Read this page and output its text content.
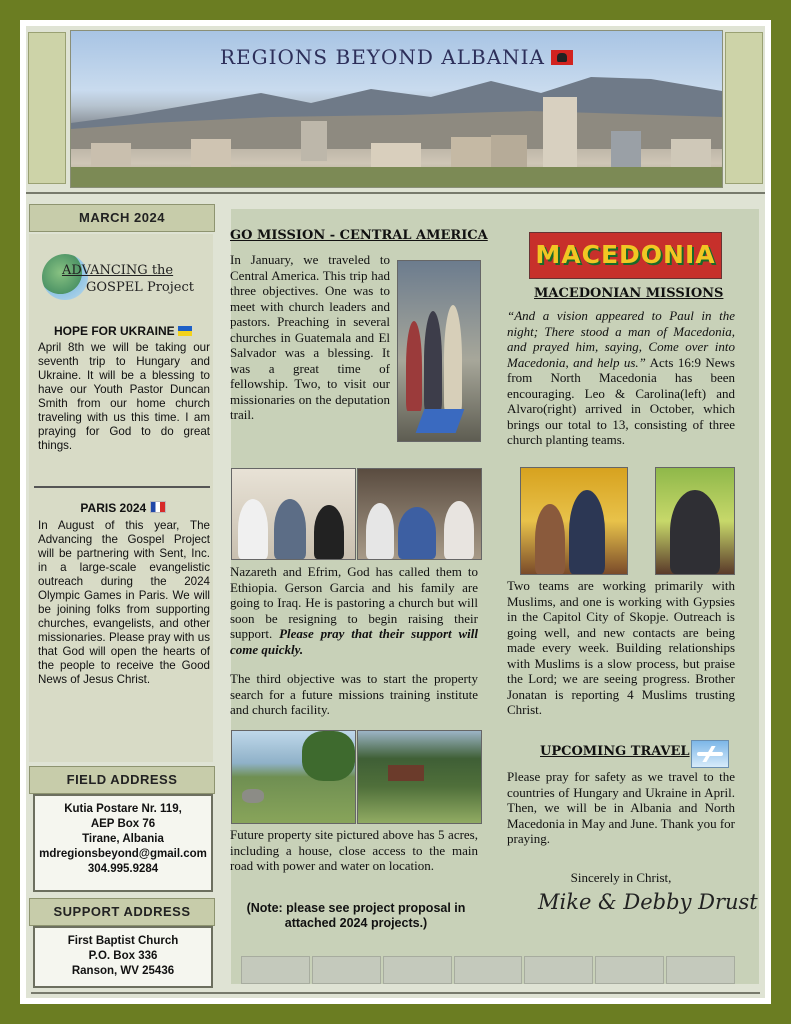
REGIONS BEYOND ALBANIA
MARCH 2024
ADVANCING the
GOSPEL Project
HOPE FOR UKRAINE
April 8th we will be taking our seventh trip to Hungary and Ukraine. It will be a blessing to have our Youth Pastor Duncan Smith from our home church traveling with us this time. I am praying for God to do great things.
PARIS 2024
In August of this year, The Advancing the Gospel Project will be partnering with Sent, Inc. in a large-scale evangelistic outreach during the 2024 Olympic Games in Paris. We will be joining folks from supporting churches, evangelists, and other missionaries. Please pray with us that God will open the hearts of the people to receive the Good News of Jesus Christ.
FIELD ADDRESS
Kutia Postare Nr. 119,
AEP Box 76
Tirane, Albania
mdregionsbeyond@gmail.com
304.995.9284
SUPPORT ADDRESS
First Baptist Church
P.O. Box 336
Ranson, WV 25436
GO MISSION - CENTRAL AMERICA
In January, we traveled to Central America. This trip had three objectives. One was to meet with church leaders and pastors. Preaching in several churches in Guatemala and El Salvador was a blessing. It was a great time of fellowship. Two, to visit our missionaries on the deputation trail.
Nazareth and Efrim, God has called them to Ethiopia. Gerson Garcia and his family are going to Iraq. He is pastoring a church but will soon be resigning to begin raising their support. Please pray that their support will come quickly.
The third objective was to start the property search for a future missions training institute and church facility.
Future property site pictured above has 5 acres, including a house, close access to the main road with power and water on location.
(Note: please see project proposal in attached 2024 projects.)
MACEDONIA
MACEDONIAN MISSIONS
“And a vision appeared to Paul in the night; There stood a man of Macedonia, and prayed him, saying, Come over into Macedonia, and help us.” Acts 16:9 News from North Macedonia has been encouraging. Leo & Carolina(left) and Alvaro(right) arrived in October, which brings our total to 13, consisting of three church planting teams.
Two teams are working primarily with Muslims, and one is working with Gypsies in the Capitol City of Skopje. Outreach is going well, and new contacts are being made every week. Building relationships with Muslims is a slow process, but praise the Lord; we are seeing progress. Brother Jonatan is reporting 4 Muslims trusting Christ.
UPCOMING TRAVEL
Please pray for safety as we travel to the countries of Hungary and Ukraine in April. Then, we will be in Albania and North Macedonia in May and June. Thank you for praying.
Sincerely in Christ,
Mike & Debby Drust
